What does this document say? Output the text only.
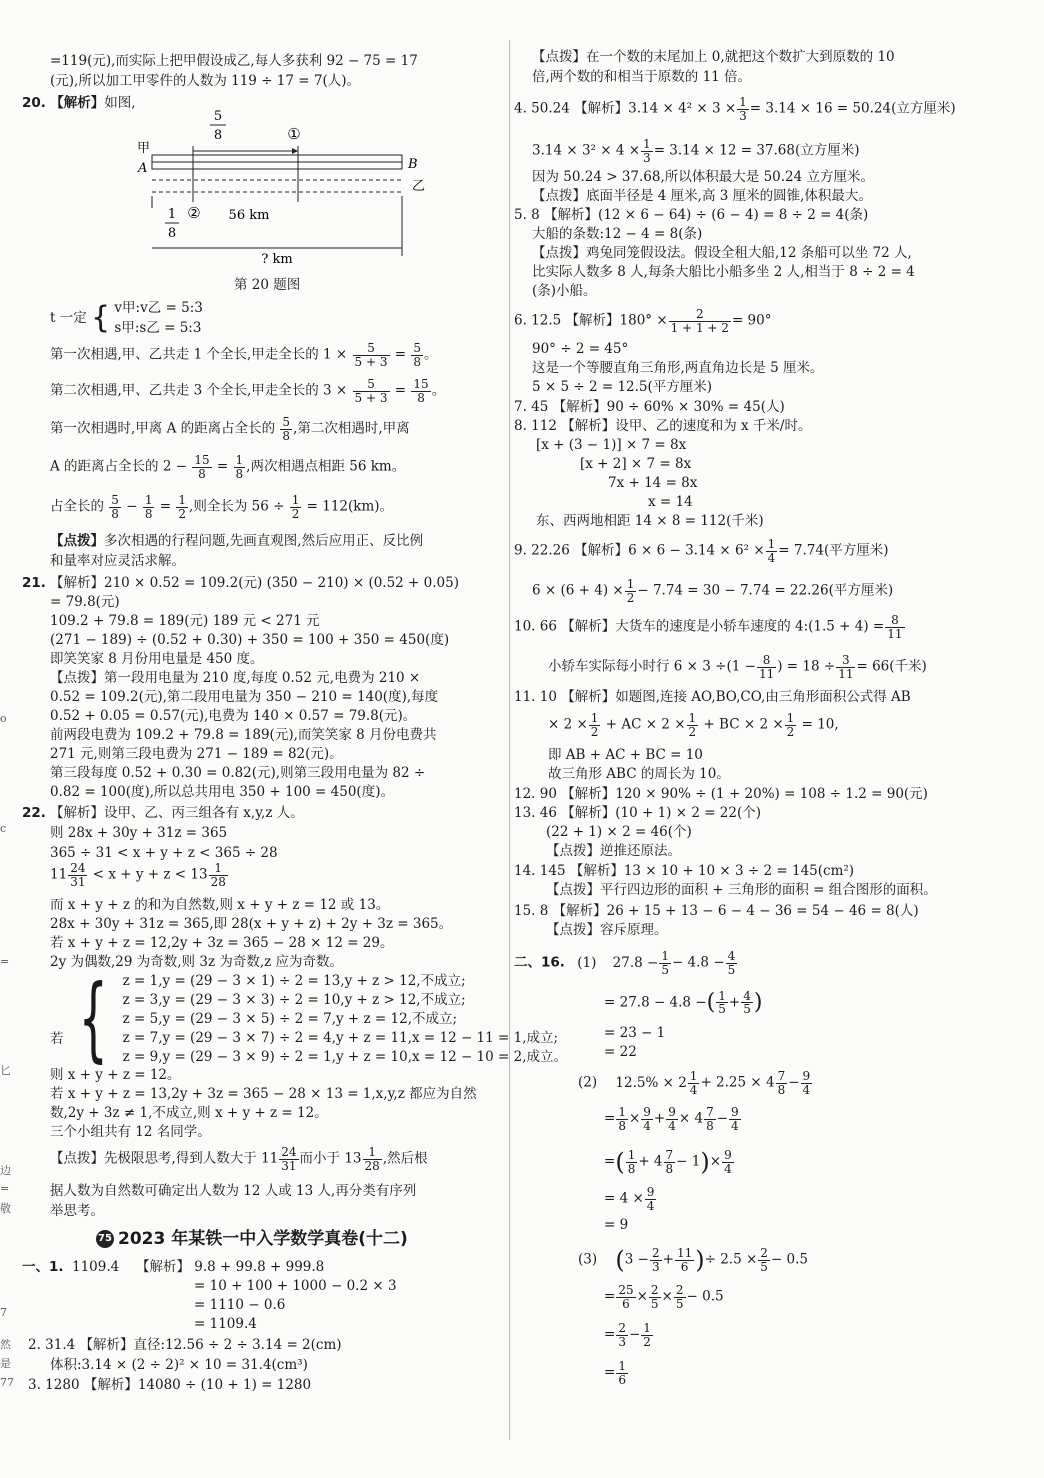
o
c
=
匕
边
=
敬
7
然
是
77
=119(元),而实际上把甲假设成乙,每人多获利 92 − 75 = 17
(元),所以加工甲零件的人数为 119 ÷ 17 = 7(人)。
20. 【解析】如图,
5
8	①
甲
A	B
乙
1
8
② 56 km
? km
第 20 题图
t 一定 { v甲:v乙 = 5:3
s甲:s乙 = 5:3
第一次相遇,甲、乙共走 1 个全长,甲走全长的 $1 \times \frac{5}{5 + 3} = \frac{5}{8}$ 。
第二次相遇,甲、乙共走 3 个全长,甲走全长的 $3 \times \frac{5}{5 + 3} = \frac{15}{8}$ 。
第一次相遇时,甲离 A 的距离占全长的 $\frac{5}{8}$ ,第二次相遇时,甲离
A 的距离占全长的 $2 - \frac{15}{8} = \frac{1}{8}$ ,两次相遇点相距 56 km。
占全长的 $\frac{5}{8} - \frac{1}{8} = \frac{1}{2}$ ,则全长为 $56 \div \frac{1}{2} = 112(km)$。
【点拨】多次相遇的行程问题,先画直观图,然后应用正、反比例
和量率对应灵活求解。
21. 【解析】210 × 0.52 = 109.2(元) (350 − 210) × (0.52 + 0.05)
= 79.8(元)
109.2 + 79.8 = 189(元) 189 元 < 271 元
(271 − 189) ÷ (0.52 + 0.30) + 350 = 100 + 350 = 450(度)
即笑笑家 8 月份用电量是 450 度。
【点拨】第一段用电量为 210 度,每度 0.52 元,电费为 210 ×
0.52 = 109.2(元),第二段用电量为 350 − 210 = 140(度),每度
0.52 + 0.05 = 0.57(元),电费为 140 × 0.57 = 79.8(元)。
前两段电费为 109.2 + 79.8 = 189(元),而笑笑家 8 月份电费共
271 元,则第三段电费为 271 − 189 = 82(元)。
第三段每度 0.52 + 0.30 = 0.82(元),则第三段用电量为 82 ÷
0.82 = 100(度),所以总共用电 350 + 100 = 450(度)。
22. 【解析】设甲、乙、丙三组各有 x,y,z 人。
则 28x + 30y + 31z = 365
365 ÷ 31 < x + y + z < 365 ÷ 28
$11 \frac{24}{31} < x + y + z < 13 \frac{1}{28}$
而 x + y + z 的和为自然数,则 x + y + z = 12 或 13。
28x + 30y + 31z = 365,即 28(x + y + z) + 2y + 3z = 365。
若 x + y + z = 12,2y + 3z = 365 − 28 × 12 = 29。
2y 为偶数,29 为奇数,则 3z 为奇数,z 应为奇数。
若 { z = 1,y = (29 − 3 × 1) ÷ 2 = 13,y + z > 12,不成立;
z = 3,y = (29 − 3 × 3) ÷ 2 = 10,y + z > 12,不成立;
z = 5,y = (29 − 3 × 5) ÷ 2 = 7,y + z = 12,不成立;
z = 7,y = (29 − 3 × 7) ÷ 2 = 4,y + z = 11,x = 12 − 11 = 1,成立;
z = 9,y = (29 − 3 × 9) ÷ 2 = 1,y + z = 10,x = 12 − 10 = 2,成立。
则 x + y + z = 12。
若 x + y + z = 13,2y + 3z = 365 − 28 × 13 = 1,x,y,z 都应为自然
数,2y + 3z ≠ 1,不成立,则 x + y + z = 12。
三个小组共有 12 名同学。
【点拨】先极限思考,得到人数大于 $11 \frac{24}{31}$ 而小于 $13 \frac{1}{28}$ ,然后根
据人数为自然数可确定出人数为 12 人或 13 人,再分类有序列
举思考。
75 2023 年某铁一中入学数学真卷(十二)
一、1. 1109.4 【解析】 9.8 + 99.8 + 999.8
= 10 + 100 + 1000 − 0.2 × 3
= 1110 − 0.6
= 1109.4
2. 31.4 【解析】直径:12.56 ÷ 2 ÷ 3.14 = 2(cm)
体积:3.14 × (2 ÷ 2)² × 10 = 31.4(cm³)
3. 1280 【解析】14080 ÷ (10 + 1) = 1280
【点拨】在一个数的末尾加上 0,就把这个数扩大到原数的 10
倍,两个数的和相当于原数的 11 倍。
4. 50.24 【解析】$3.14 \times 4^2 \times 3 \times \frac{1}{3} = 3.14 \times 16 = 50.24$(立方厘米)
$3.14 \times 3^2 \times 4 \times \frac{1}{3} = 3.14 \times 12 = 37.68$(立方厘米)
因为 50.24 > 37.68,所以体积最大是 50.24 立方厘米。
【点拨】底面半径是 4 厘米,高 3 厘米的圆锥,体积最大。
5. 8 【解析】(12 × 6 − 64) ÷ (6 − 4) = 8 ÷ 2 = 4(条)
大船的条数:12 − 4 = 8(条)
【点拨】鸡兔同笼假设法。假设全租大船,12 条船可以坐 72 人,
比实际人数多 8 人,每条大船比小船多坐 2 人,相当于 8 ÷ 2 = 4
(条)小船。
6. 12.5 【解析】$180^\circ \times \frac{2}{1 + 1 + 2} = 90^\circ$
90° ÷ 2 = 45°
这是一个等腰直角三角形,两直角边长是 5 厘米。
5 × 5 ÷ 2 = 12.5(平方厘米)
7. 45 【解析】90 ÷ 60% × 30% = 45(人)
8. 112 【解析】设甲、乙的速度和为 x 千米/时。
[x + (3 − 1)] × 7 = 8x
[x + 2] × 7 = 8x
7x + 14 = 8x
x = 14
东、西两地相距 14 × 8 = 112(千米)
9. 22.26 【解析】$6 \times 6 - 3.14 \times 6^2 \times \frac{1}{4} = 7.74$(平方厘米)
$6 \times (6 + 4) \times \frac{1}{2} - 7.74 = 30 - 7.74 = 22.26$(平方厘米)
10. 66 【解析】大货车的速度是小轿车速度的 4:(1.5 + $4) = \frac{8}{11}$
小轿车实际每小时行 $6 \times 3 \div(1 - \frac{8}{11}$ ) = $18 \div \frac{3}{11} = 66$(千米)
11. 10 【解析】如题图,连接 AO,BO,CO,由三角形面积公式得 AB
× $2 \times \frac{1}{2}$ + AC × $2 \times \frac{1}{2}$ + BC × $2 \times \frac{1}{2} = 10$,
即 AB + AC + BC = 10
故三角形 ABC 的周长为 10。
12. 90 【解析】120 × 90% ÷ (1 + 20%) = 108 ÷ 1.2 = 90(元)
13. 46 【解析】(10 + 1) × 2 = 22(个)
(22 + 1) × 2 = 46(个)
【点拨】逆推还原法。
14. 145 【解析】13 × 10 + 10 × 3 ÷ 2 = 145(cm²)
【点拨】平行四边形的面积 + 三角形的面积 = 组合图形的面积。
15. 8 【解析】26 + 15 + 13 − 6 − 4 − 36 = 54 − 46 = 8(人)
【点拨】容斥原理。
二、16. (1) $27.8 - \frac{1}{5} - 4.8 - \frac{4}{5}$
= 27.8 − 4.8 −( $\frac{1}{5} + \frac{4}{5}$ )
= 23 − 1
= 22
(2) $12.5\% \times 2 \frac{1}{4} + 2.25 \times 4 \frac{7}{8} - \frac{9}{4}$
= $\frac{1}{8} \times \frac{9}{4} + \frac{9}{4} \times 4 \frac{7}{8} - \frac{9}{4}$
=( $\frac{1}{8} + 4 \frac{7}{8} - 1)\times \frac{9}{4}$
= $4 \times \frac{9}{4}$
= 9
(3) ($3 - \frac{2}{3} + \frac{11}{6}$ )÷ $2.5 \times \frac{2}{5} - 0.5$
= $\frac{25}{6} \times \frac{2}{5} \times \frac{2}{5} - 0.5$
= $\frac{2}{3} - \frac{1}{2}$
= $\frac{1}{6}$
